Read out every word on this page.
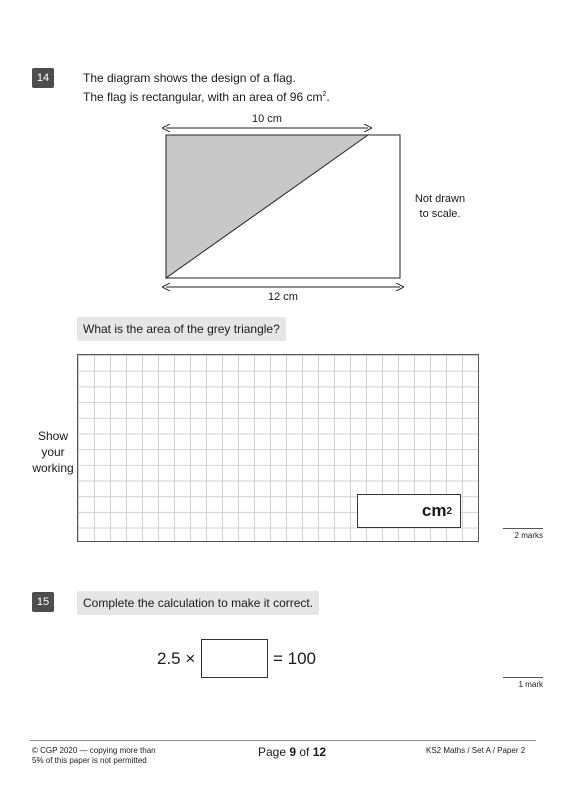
14	The diagram shows the design of a flag.
The flag is rectangular, with an area of 96 $cm^2$.
10 cm
12 cm
Not drawn
to scale.
What is the area of the grey triangle?
Show
your
working
cm 2
2 marks
15	Complete the calculation to make it correct.
2.5 ×	= 100
1 mark
© CGP 2020 — copying more than
5% of this paper is not permitted
Page 9 of 12	KS2 Maths / Set A / Paper 2
